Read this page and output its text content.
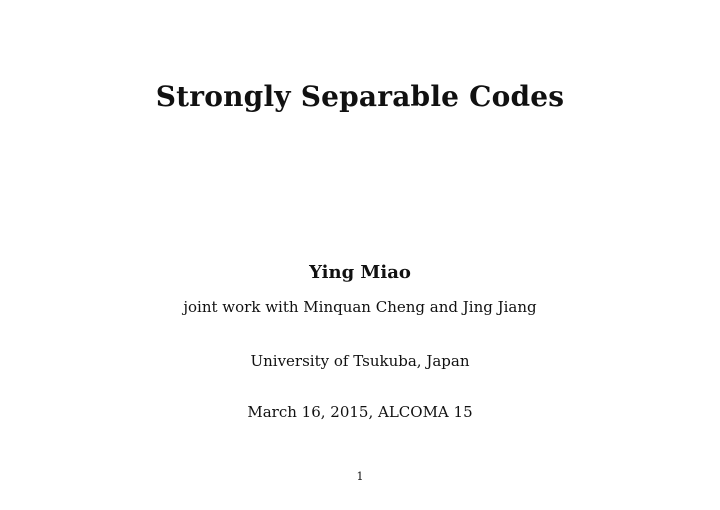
Strongly Separable Codes
Ying Miao
joint work with Minquan Cheng and Jing Jiang
University of Tsukuba, Japan
March 16, 2015, ALCOMA 15
1
